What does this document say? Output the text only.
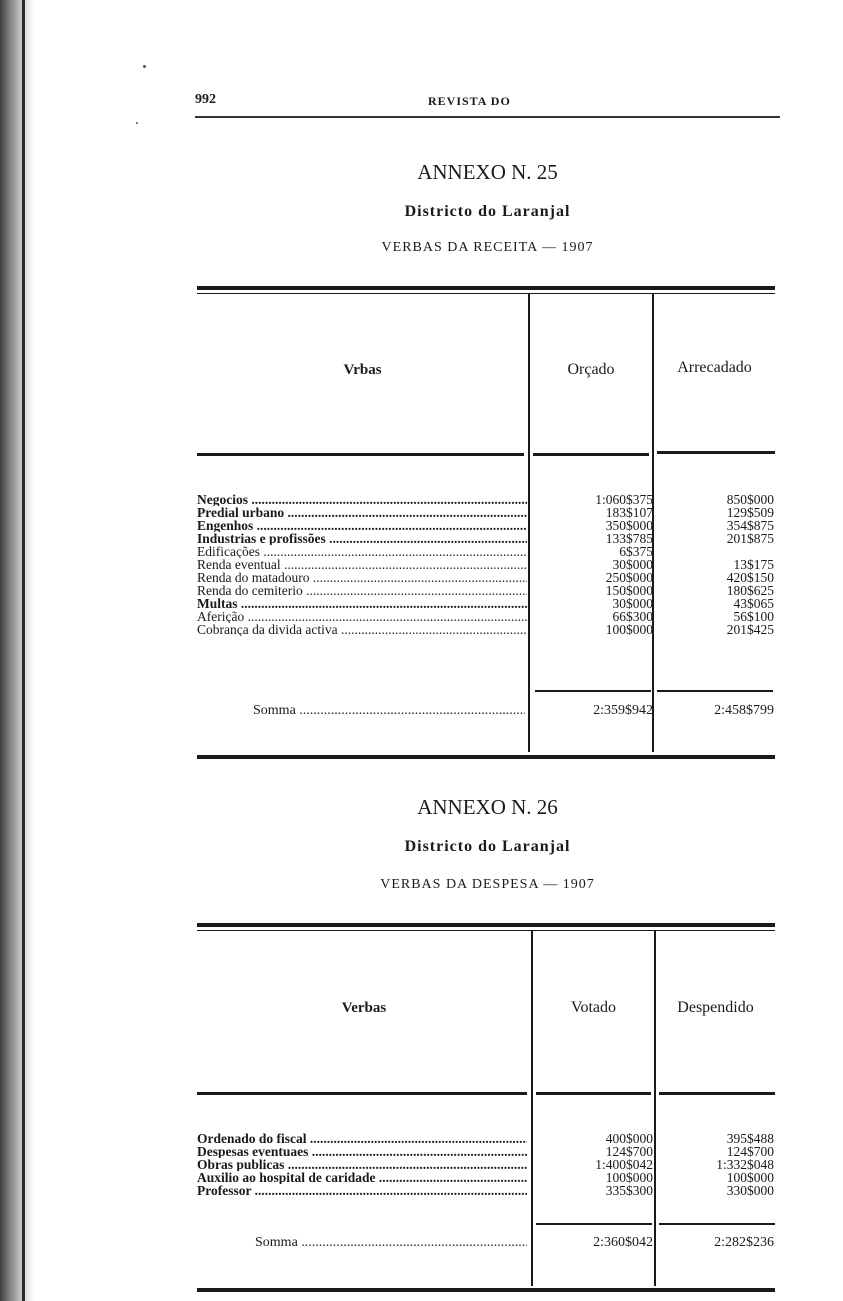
992	REVISTA DO
ANNEXO N. 25
Districto do Laranjal
VERBAS DA RECEITA — 1907
Vrbas	Orçado	Arrecadado
Negocios .....	1:060$375	850$000
Predial urbano .....	183$107	129$509
Engenhos .....	350$000	354$875
Industrias e profissões .....	133$785	201$875
Edificações .....	6$375
Renda eventual .....	30$000	13$175
Renda do matadouro .....	250$000	420$150
Renda do cemiterio .....	150$000	180$625
Multas .....	30$000	43$065
Aferição .....	66$300	56$100
Cobrança da divida activa .....	100$000	201$425
Somma .....	2:359$942	2:458$799
ANNEXO N. 26
Districto do Laranjal
VERBAS DA DESPESA — 1907
Verbas	Votado	Despendido
Ordenado do fiscal .....	400$000	395$488
Despesas eventuaes .....	124$700	124$700
Obras publicas .....	1:400$042	1:332$048
Auxilio ao hospital de caridade .....	100$000	100$000
Professor .....	335$300	330$000
Somma .....	2:360$042	2:282$236
